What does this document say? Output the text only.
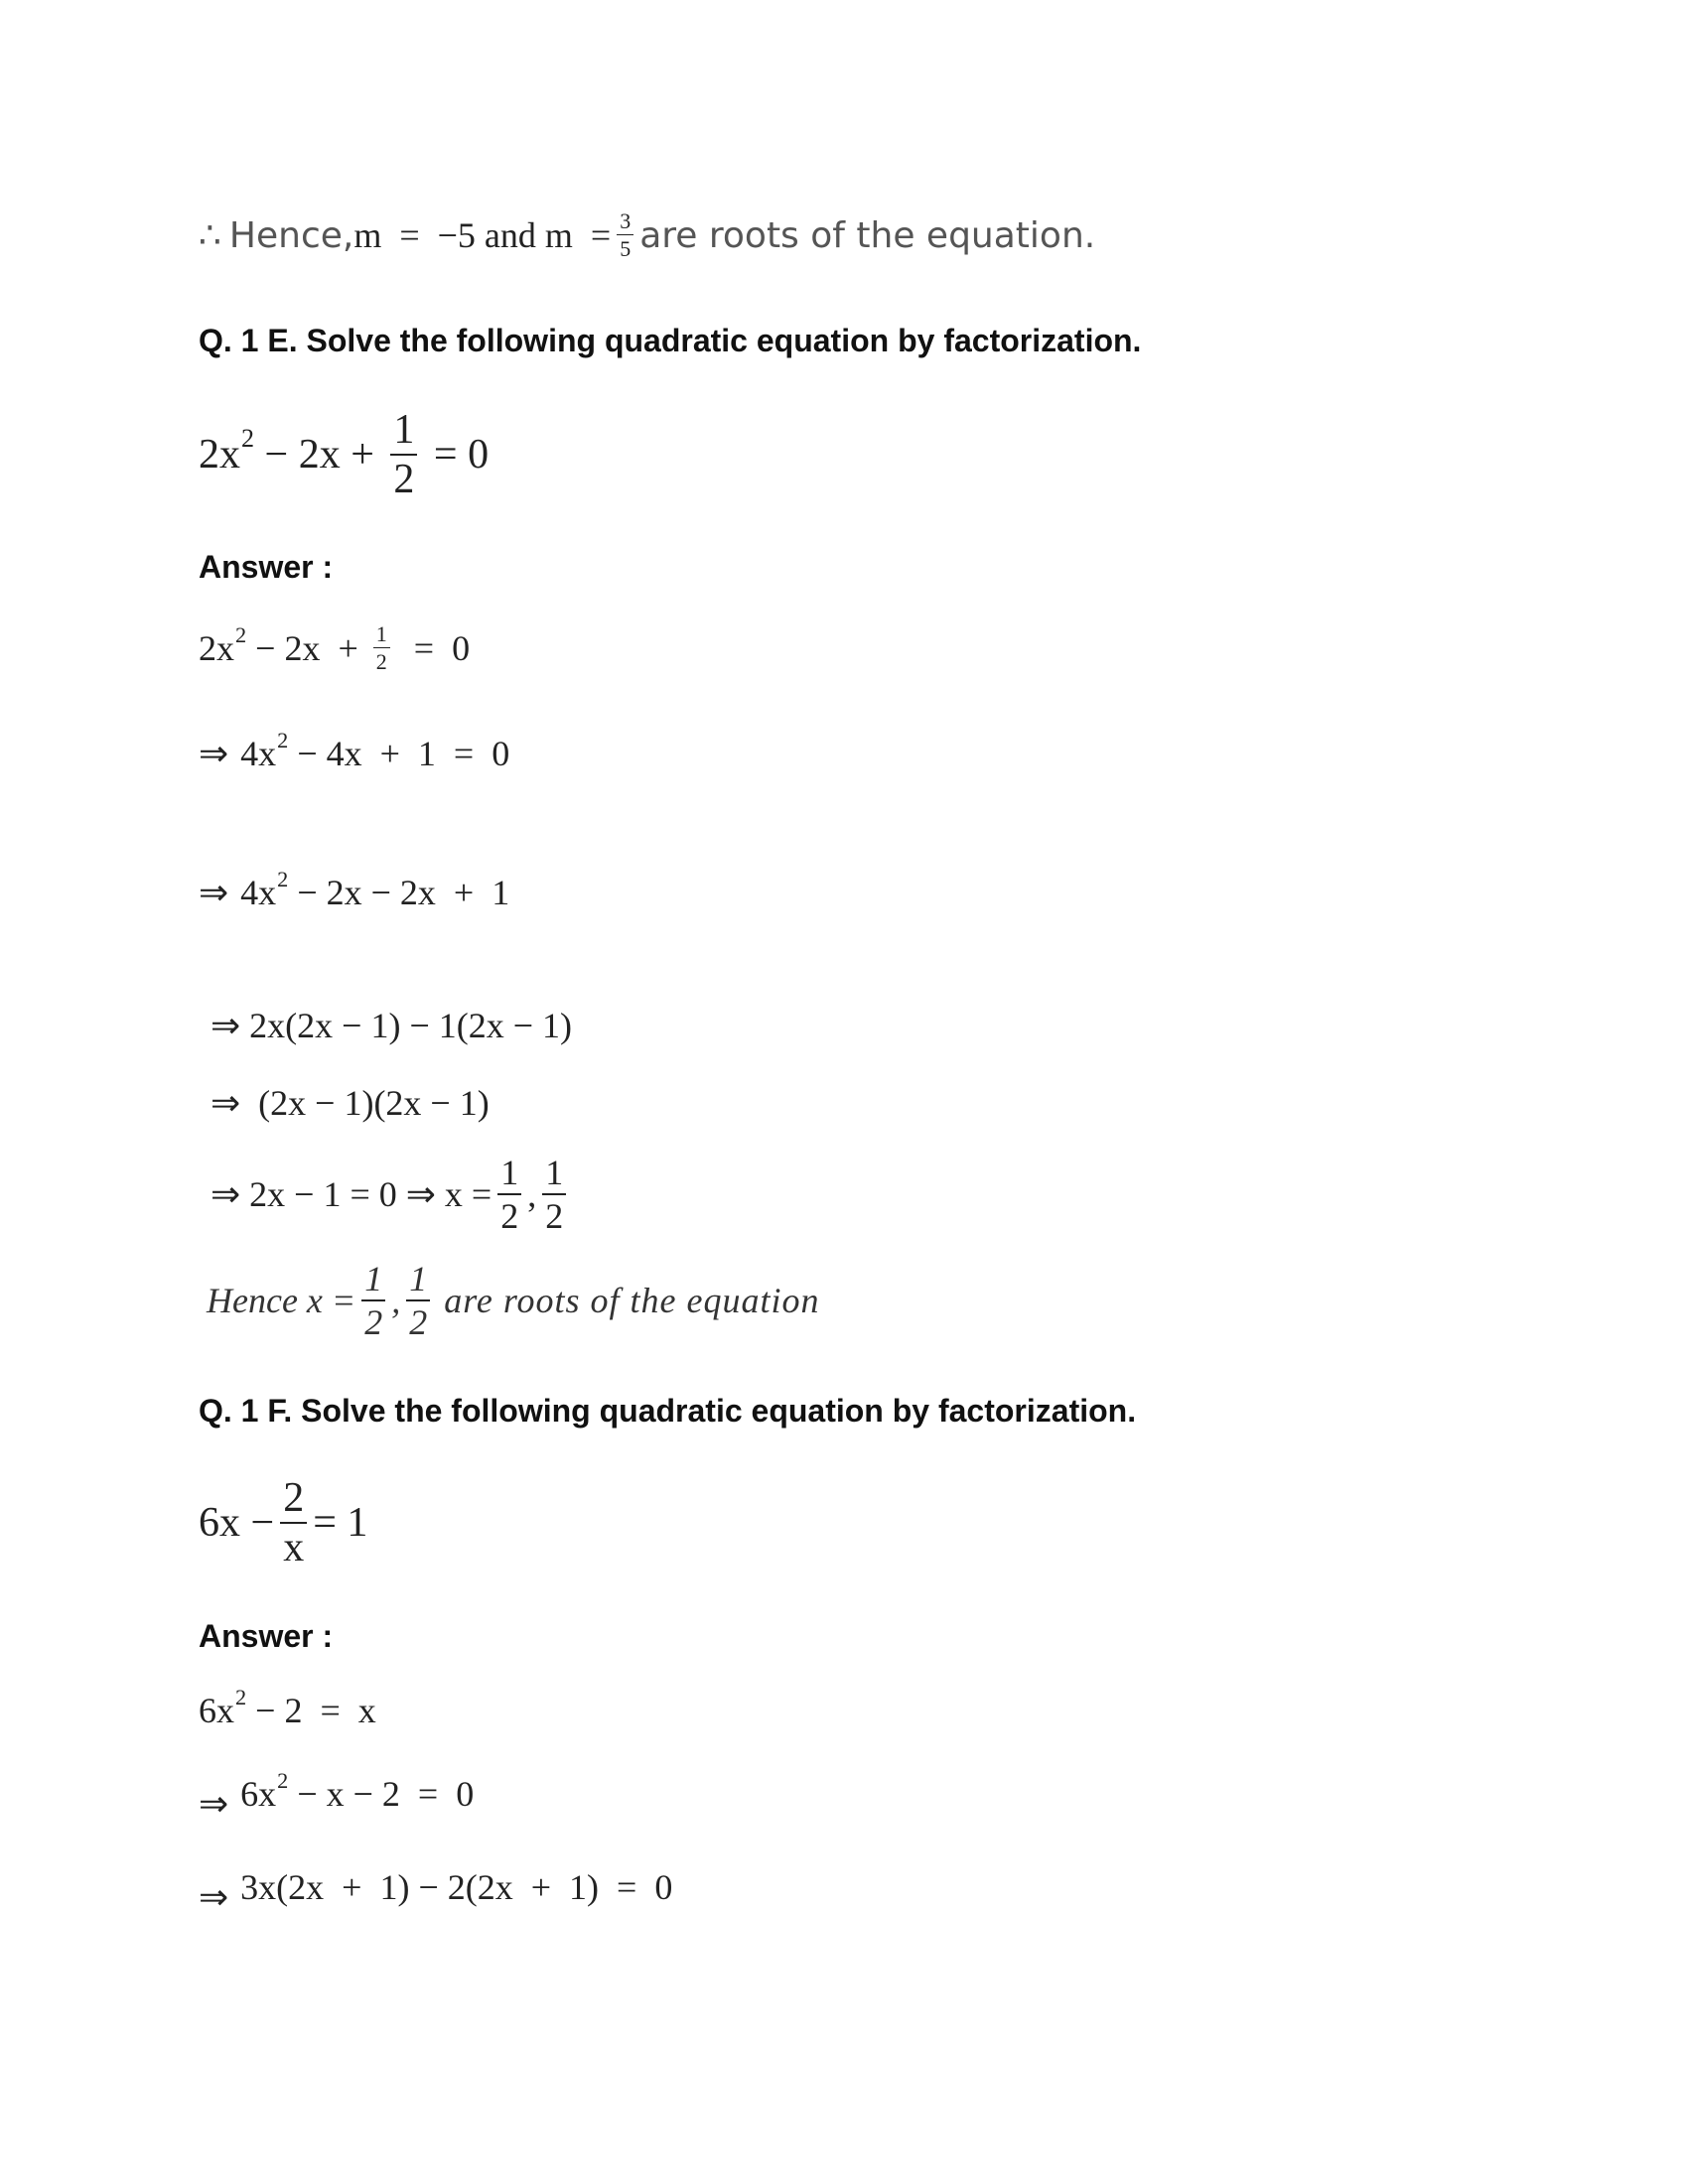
∴ Hence, m  =  −5 and $m = \frac{3}{5}$ are roots of the equation.
Q. 1 E. Solve the following quadratic equation by factorization.
2x $2 - 2x + \frac{1}{2} = 0$
Answer :
2x $2 - 2x + \frac{1}{2} = 0$
⇒ 4x 2 − 4x  +  1  =  0
⇒ 4x 2 − 2x − 2x  +  1
⇒ 2x(2x − 1) − 1(2x − 1)
⇒  (2x − 1)(2x − 1)
⇒ 2x − 1 = 0 ⇒ $x = \frac{1}{2}$ , $\frac{1}{2}$
Hence $x = \frac{1}{2}$ , $\frac{1}{2}$ are roots of the equation
Q. 1 F. Solve the following quadratic equation by factorization.
$6x - \frac{2}{x} = 1$
Answer :
6x 2 − 2  =  x
⇒ 6x 2 − x − 2  =  0
⇒ 3x(2x  +  1) − 2(2x  +  1)  =  0
